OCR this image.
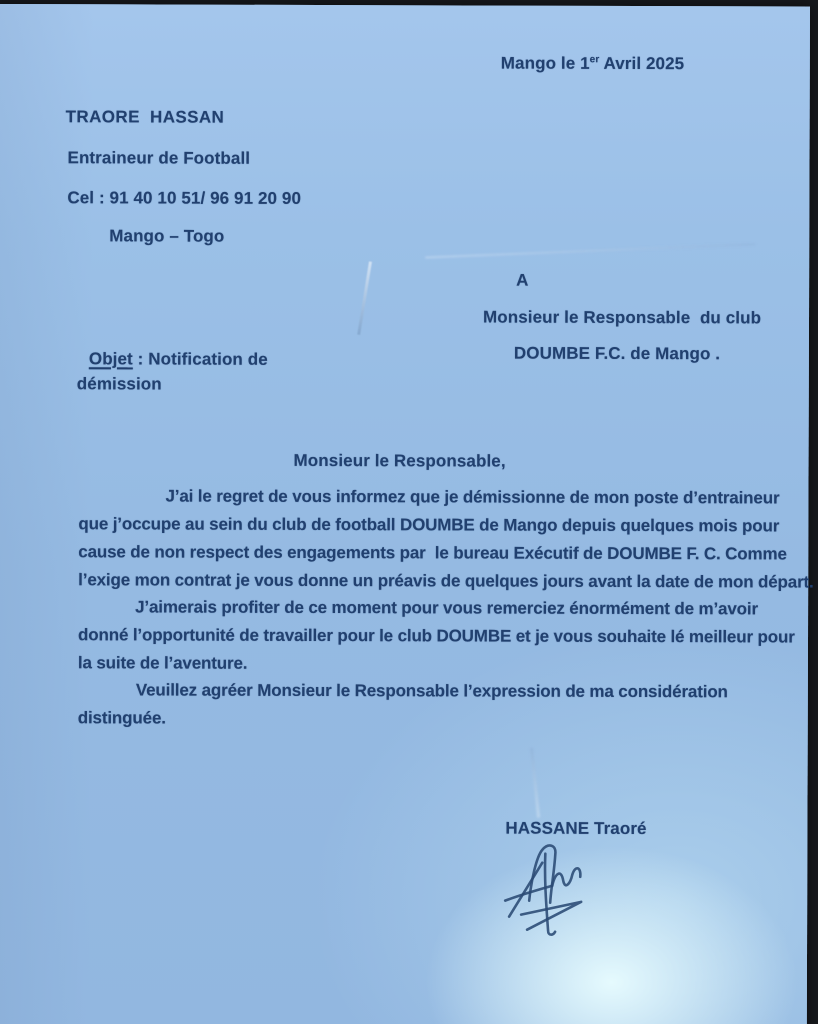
Mango le 1er Avril 2025
TRAORE  HASSAN
Entraineur de Football
Cel : 91 40 10 51/ 96 91 20 90
Mango – Togo
A
Monsieur le Responsable  du club
DOUMBE F.C. de Mango .
Objet : Notification de
démission
Monsieur le Responsable,
J’ai le regret de vous informez que je démissionne de mon poste d’entraineur
que j’occupe au sein du club de football DOUMBE de Mango depuis quelques mois pour
cause de non respect des engagements par  le bureau Exécutif de DOUMBE F. C. Comme
l’exige mon contrat je vous donne un préavis de quelques jours avant la date de mon départ.
J’aimerais profiter de ce moment pour vous remerciez énormément de m’avoir
donné l’opportunité de travailler pour le club DOUMBE et je vous souhaite lé meilleur pour
la suite de l’aventure.
Veuillez agréer Monsieur le Responsable l’expression de ma considération
distinguée.
HASSANE Traoré
